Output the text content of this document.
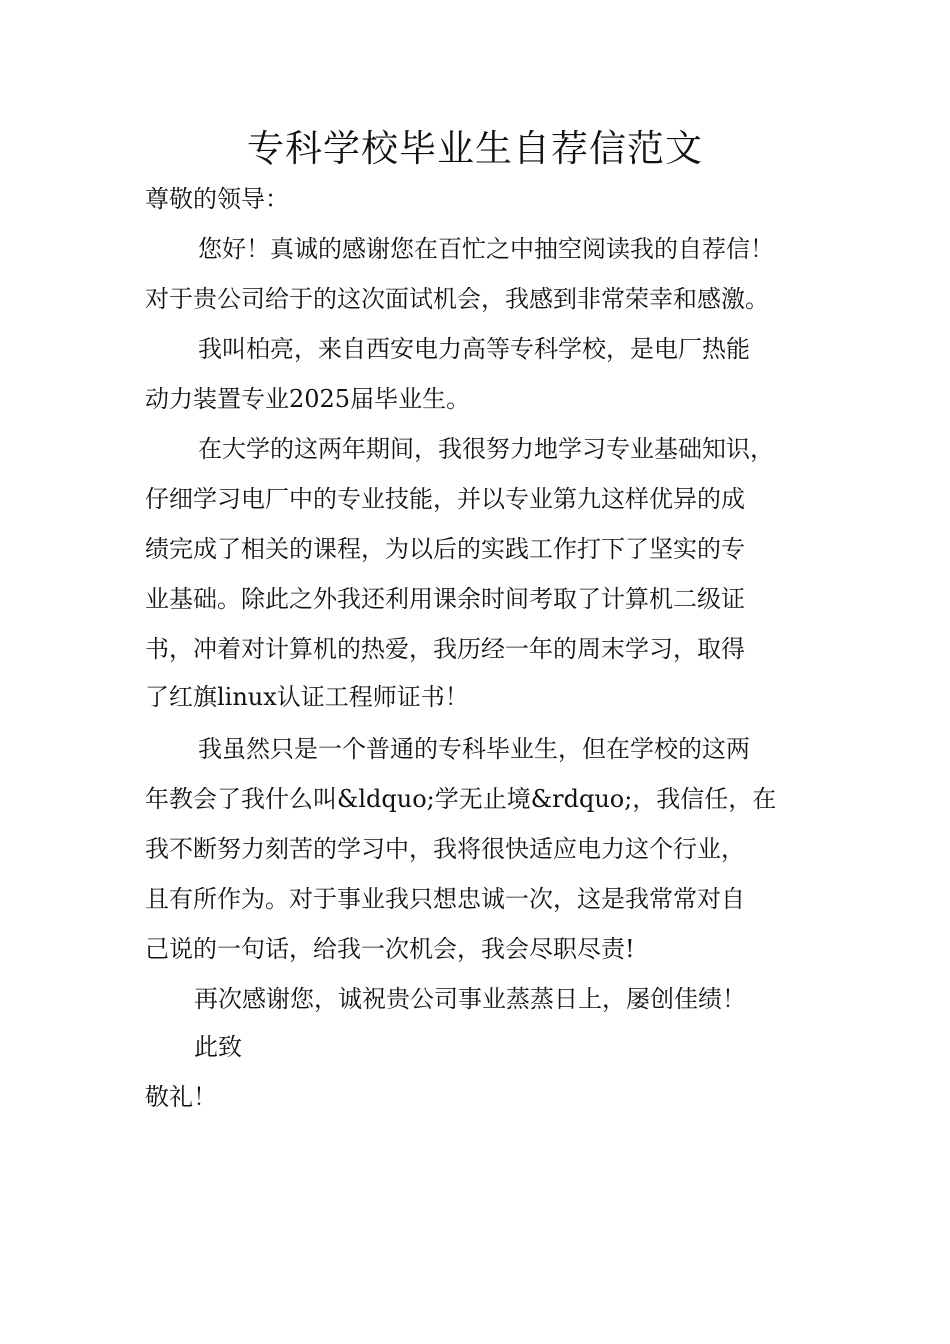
专科学校毕业生自荐信范文
尊敬的领导：
您好！真诚的感谢您在百忙之中抽空阅读我的自荐信！
对于贵公司给于的这次面试机会，我感到非常荣幸和感激。
我叫柏亮，来自西安电力高等专科学校，是电厂热能
动力装置专业2025届毕业生。
在大学的这两年期间，我很努力地学习专业基础知识，
仔细学习电厂中的专业技能，并以专业第九这样优异的成
绩完成了相关的课程，为以后的实践工作打下了坚实的专
业基础。除此之外我还利用课余时间考取了计算机二级证
书，冲着对计算机的热爱，我历经一年的周末学习，取得
了红旗linux认证工程师证书！
我虽然只是一个普通的专科毕业生，但在学校的这两
年教会了我什么叫&ldquo;学无止境&rdquo;，我信任，在
我不断努力刻苦的学习中，我将很快适应电力这个行业，
且有所作为。对于事业我只想忠诚一次，这是我常常对自
己说的一句话，给我一次机会，我会尽职尽责!
再次感谢您，诚祝贵公司事业蒸蒸日上，屡创佳绩！
此致
敬礼！
